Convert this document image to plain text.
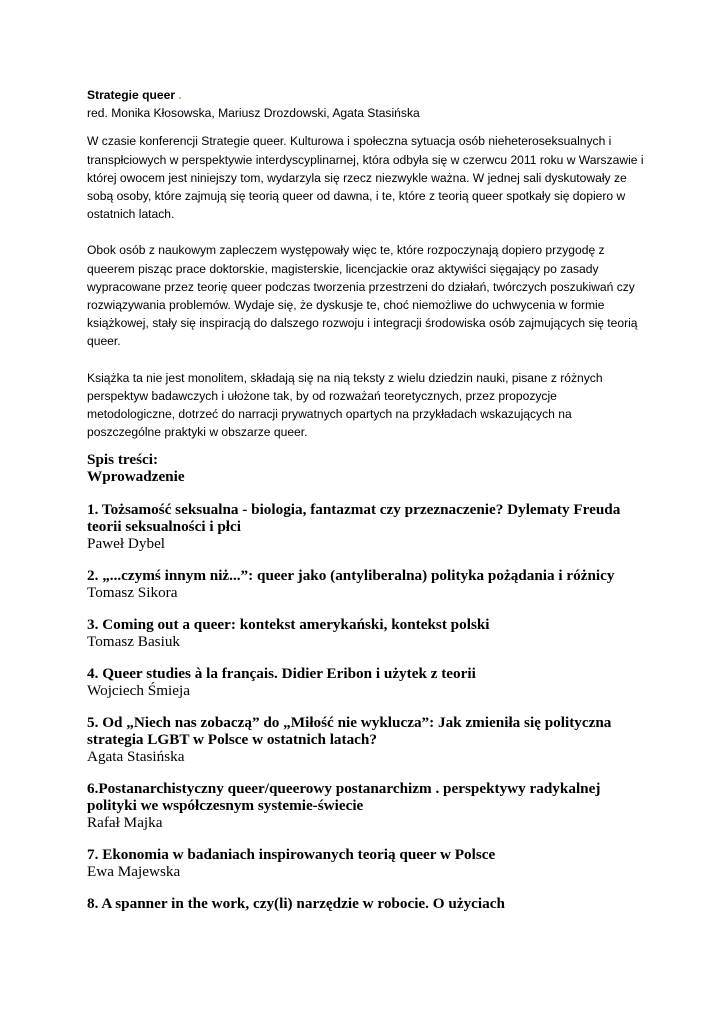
Strategie queer .

red. Monika Kłosowska, Mariusz Drozdowski, Agata Stasińska

W czasie konferencji Strategie queer. Kulturowa i społeczna sytuacja osób nieheteroseksualnych i transpłciowych w perspektywie interdyscyplinarnej, która odbyła się w czerwcu 2011 roku w Warszawie i której owocem jest niniejszy tom, wydarzyla się rzecz niezwykle ważna. W jednej sali dyskutowały ze sobą osoby, które zajmują się teorią queer od dawna, i te, które z teorią queer spotkały się dopiero w ostatnich latach.

Obok osób z naukowym zapleczem występowały więc te, które rozpoczynają dopiero przygodę z queerem pisząc prace doktorskie, magisterskie, licencjackie oraz aktywiści sięgający po zasady wypracowane przez teorię queer podczas tworzenia przestrzeni do działań, twórczych poszukiwań czy rozwiązywania problemów. Wydaje się, że dyskusje te, choć niemożliwe do uchwycenia w formie książkowej, stały się inspiracją do dalszego rozwoju i integracji środowiska osób zajmujących się teorią queer.

Książka ta nie jest monolitem, składają się na nią teksty z wielu dziedzin nauki, pisane z różnych perspektyw badawczych i ułożone tak, by od rozważań teoretycznych, przez propozycje metodologiczne, dotrzeć do narracji prywatnych opartych na przykładach wskazujących na poszczególne praktyki w obszarze queer.

Spis treści:

Wprowadzenie

1. Tożsamość seksualna - biologia, fantazmat czy przeznaczenie? Dylematy Freuda teorii seksualności i płci

Paweł Dybel

2. „...czymś innym niż...”: queer jako (antyliberalna) polityka pożądania i różnicy

Tomasz Sikora

3. Coming out a queer: kontekst amerykański, kontekst polski

Tomasz Basiuk

4. Queer studies à la français. Didier Eribon i użytek z teorii

Wojciech Śmieja

5. Od „Niech nas zobaczą” do „Miłość nie wyklucza”: Jak zmieniła się polityczna strategia LGBT w Polsce w ostatnich latach?

Agata Stasińska

6.Postanarchistyczny queer/queerowy postanarchizm . perspektywy radykalnej polityki we współczesnym systemie-świecie

Rafał Majka

7. Ekonomia w badaniach inspirowanych teorią queer w Polsce

Ewa Majewska

8. A spanner in the work, czy(li) narzędzie w robocie. O użyciach
